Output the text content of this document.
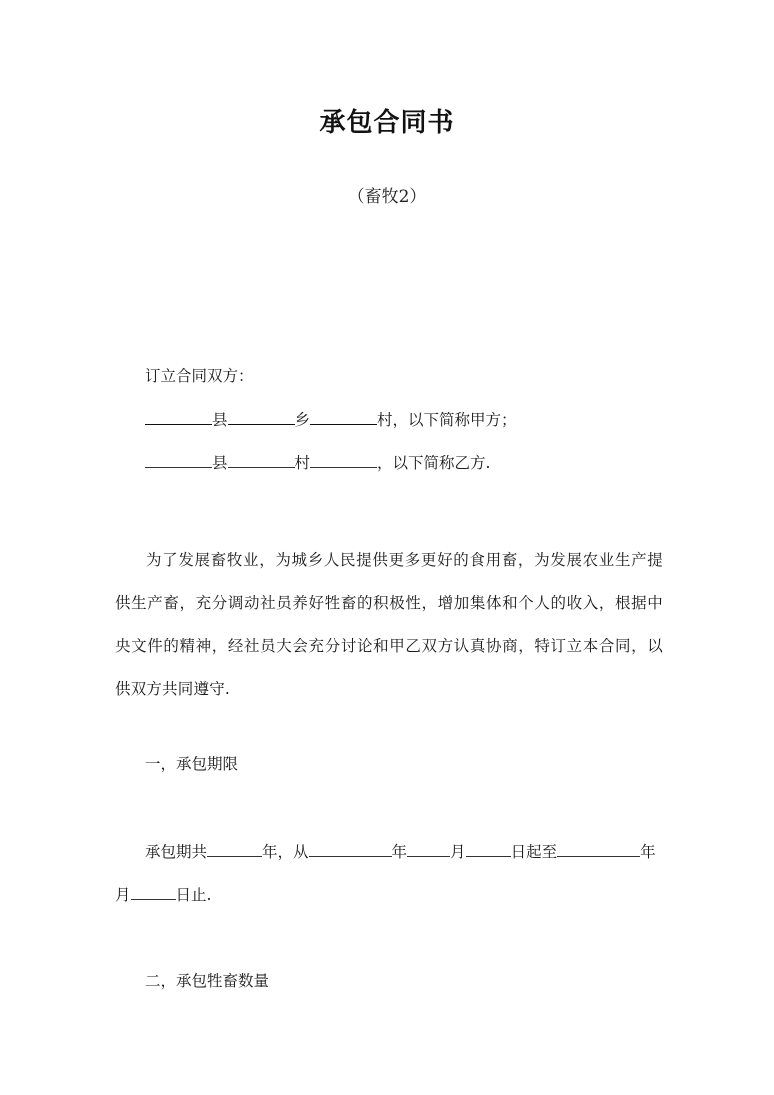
承包合同书
（畜牧2）
订立合同双方：
县	乡	村，以下简称甲方；
县	村	，以下简称乙方.
为了发展畜牧业，为城乡人民提供更多更好的食用畜，为发展农业生产提供生产畜，充分调动社员养好牲畜的积极性，增加集体和个人的收入，根据中央文件的精神，经社员大会充分讨论和甲乙双方认真协商，特订立本合同，以供双方共同遵守.
一，承包期限
承包期共	年，从	年	月	日起至	年
月	日止.
二，承包牲畜数量
